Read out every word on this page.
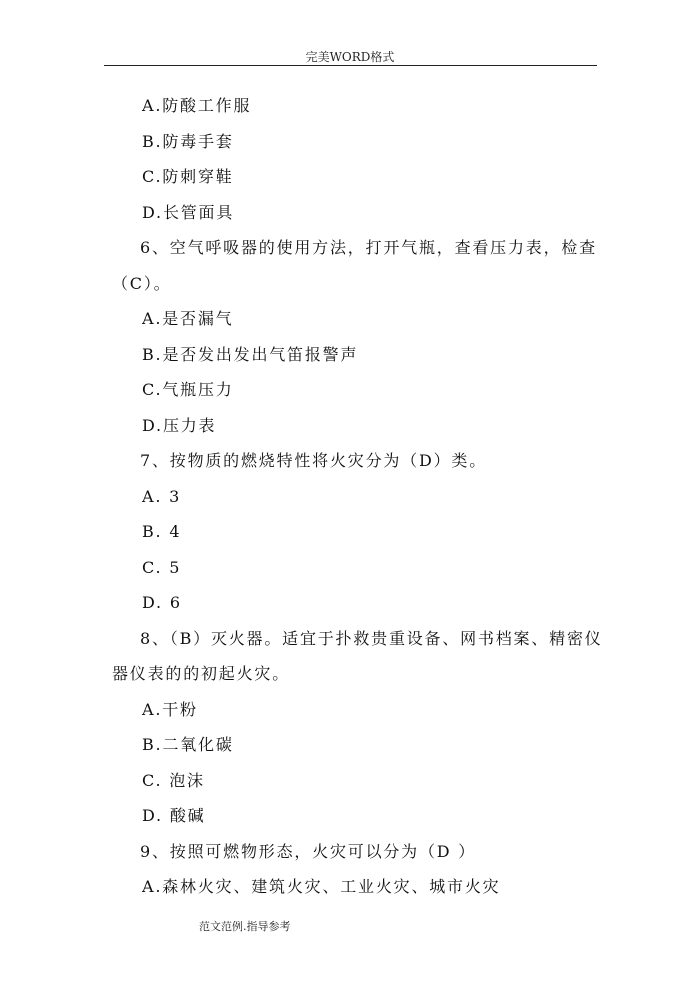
完美WORD格式
A.防酸工作服
B.防毒手套
C.防刺穿鞋
D.长管面具
6、空气呼吸器的使用方法，打开气瓶，查看压力表，检查
（C）。
A.是否漏气
B.是否发出发出气笛报警声
C.气瓶压力
D.压力表
7、按物质的燃烧特性将火灾分为（D）类。
A. 3
B. 4
C. 5
D. 6
8、（B）灭火器。适宜于扑救贵重设备、网书档案、精密仪
器仪表的的初起火灾。
A.干粉
B.二氧化碳
C. 泡沫
D. 酸碱
9、按照可燃物形态，火灾可以分为（D ）
A.森林火灾、建筑火灾、工业火灾、城市火灾
范文范例.指导参考
